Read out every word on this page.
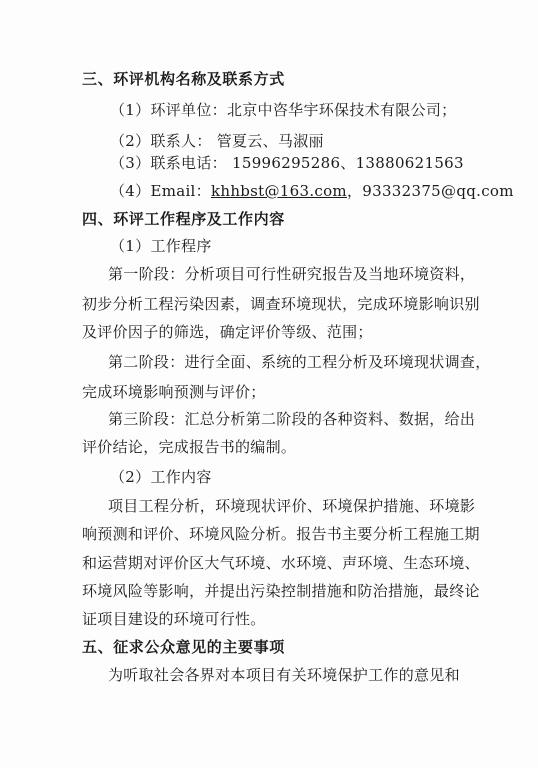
三、环评机构名称及联系方式
（1）环评单位：北京中咨华宇环保技术有限公司；
（2）联系人： 管夏云、马淑丽
（3）联系电话： 15996295286、13880621563
（4）Email：khhbst@163.com，93332375@qq.com
四、环评工作程序及工作内容
（1）工作程序
第一阶段：分析项目可行性研究报告及当地环境资料，
初步分析工程污染因素，调查环境现状，完成环境影响识别
及评价因子的筛选，确定评价等级、范围；
第二阶段：进行全面、系统的工程分析及环境现状调查，
完成环境影响预测与评价；
第三阶段：汇总分析第二阶段的各种资料、数据，给出
评价结论，完成报告书的编制。
（2）工作内容
项目工程分析，环境现状评价、环境保护措施、环境影
响预测和评价、环境风险分析。报告书主要分析工程施工期
和运营期对评价区大气环境、水环境、声环境、生态环境、
环境风险等影响，并提出污染控制措施和防治措施，最终论
证项目建设的环境可行性。
五、征求公众意见的主要事项
为听取社会各界对本项目有关环境保护工作的意见和
